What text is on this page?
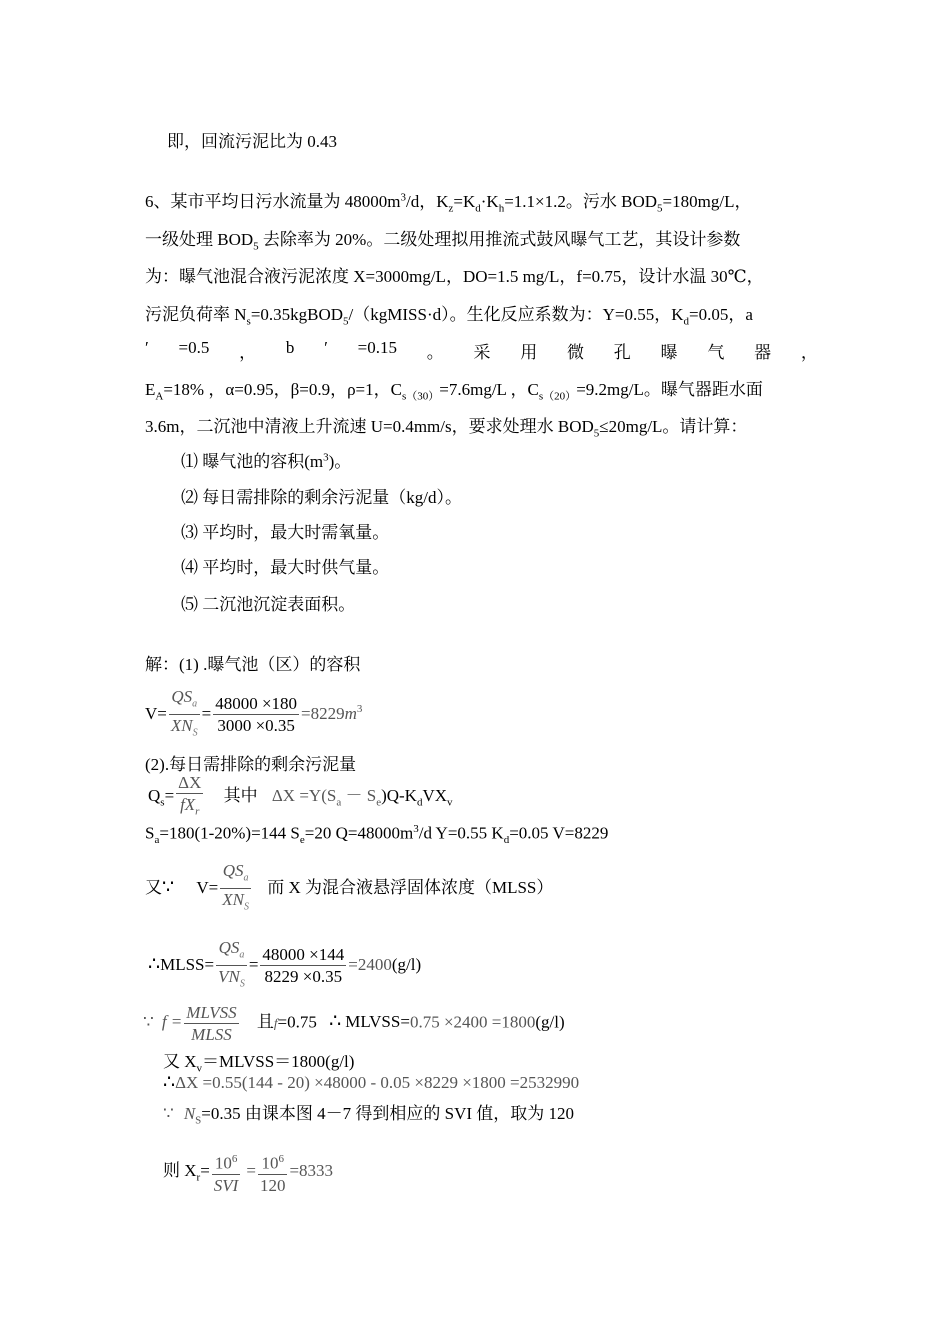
即，回流污泥比为 0.43
6、某市平均日污水流量为 $48000m^3/d$，$K_z=K_d\cdot K_h=1.1\times 1.2$。污水 $BOD_5=180mg/L$，
一级处理 $BOD_5$ 去除率为 20%。二级处理拟用推流式鼓风曝气工艺，其设计参数
为：曝气池混合液污泥浓度 X=3000mg/L，DO=1.5 mg/L，f=0.75，设计水温 30℃，
污泥负荷率 $N_s=0.35kgBOD_5/(kgMISS\cdot d)$。生化反应系数为：Y=0.55，$K_d=0.05$，a
′ =0.5 ， b ′ =0.15 。 采 用 微 孔 曝 气 器 ，
$E_A=18\%$ ，α=0.95，β=0.9，ρ=1，$C_{s(30)}=7.6mg/L$ ，$C_{s(20)}=9.2mg/L$。曝气器距水面
3.6m，二沉池中清液上升流速 U=0.4mm/s，要求处理水 $BOD_5\le 20mg/L$。请计算：
⑴ 曝气池的容积$(m^3)$。
⑵ 每日需排除的剩余污泥量（kg/d）。
⑶ 平均时，最大时需氧量。
⑷ 平均时，最大时供气量。
⑸ 二沉池沉淀表面积。
解：(1) .曝气池（区）的容积
$V= \frac{QS_a}{XN_S} = \frac{48000 \times 180}{3000 \times 0.35} =8229m^3$
(2).每日需排除的剩余污泥量
$Q_s= \frac{\Delta X}{fX_r}$ 其中 $\Delta X =Y(S_a - S_e)Q-K_dVX_v$
$S_a=180(1-20\%)=144$ $S_e=20$ $Q=48000m^3/d$ Y=0.55 $K_d=0.05$ V=8229
又∵ $V= \frac{QS_a}{XN_S}$ 而 X 为混合液悬浮固体浓度（MLSS）
∴MLSS= $\frac{QS_a}{VN_S} = \frac{48000 \times 144}{8229 \times 0.35} =2400(g/l)$
∵ $f = \frac{\text{MLVSS}}{\text{MLSS}}$ 且f=0.75 ∴ MLVSS=0.75 ×2400 =1800(g/l)
又 $X_v=MLVSS=1800(g/l)$
∴ΔX =0.55(144 - 20) ×48000 - 0.05 ×8229 ×1800 =2532990
∵ $N_S=0.35$ 由课本图 4－7 得到相应的 SVI 值，取为 120
则 $X_r= \frac{10^6}{\text{SVI}} = \frac{10^6}{120} =8333$
